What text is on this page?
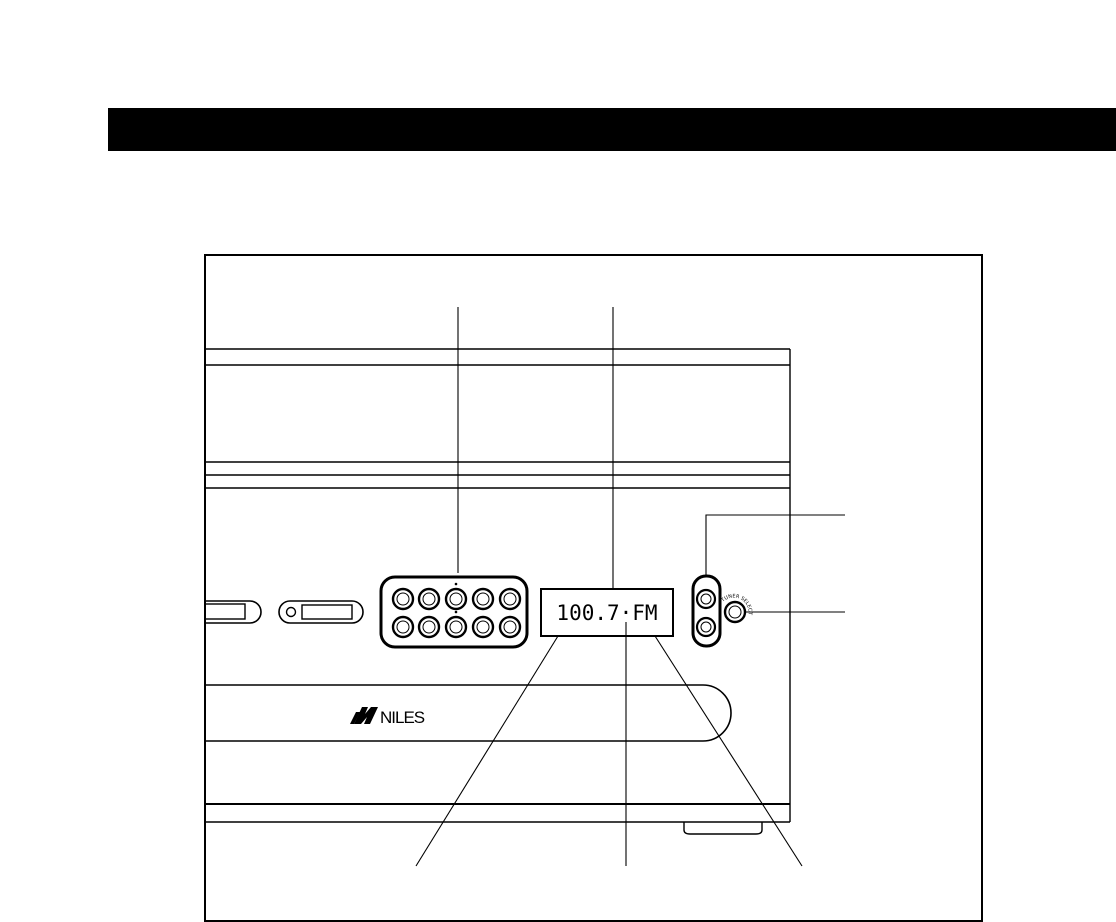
100.7·FM
TUNER SELECT
NILES
